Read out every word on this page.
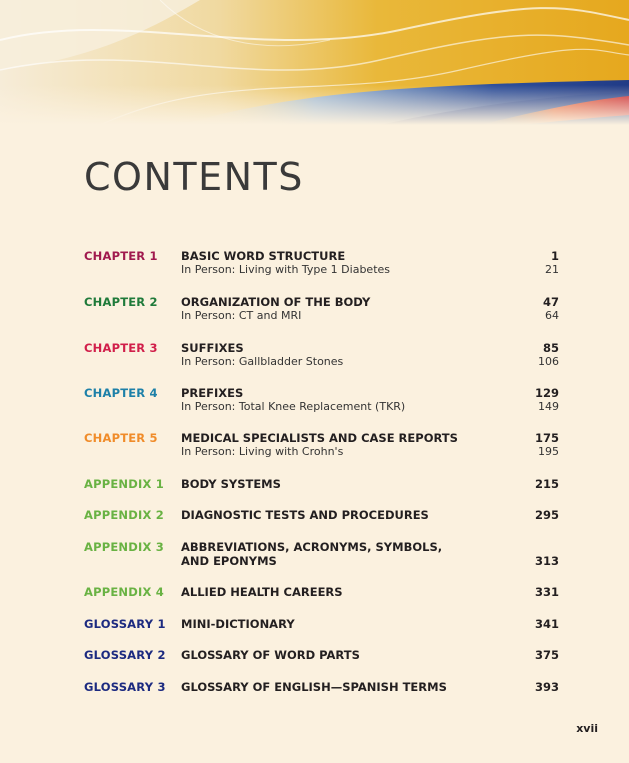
CONTENTS
CHAPTER 1 BASIC WORD STRUCTURE	1
In Person: Living with Type 1 Diabetes	21
CHAPTER 2 ORGANIZATION OF THE BODY	47
In Person: CT and MRI	64
CHAPTER 3 SUFFIXES	85
In Person: Gallbladder Stones	106
CHAPTER 4 PREFIXES	129
In Person: Total Knee Replacement (TKR)	149
CHAPTER 5 MEDICAL SPECIALISTS AND CASE REPORTS	175
In Person: Living with Crohn's	195
APPENDIX 1 BODY SYSTEMS	215
APPENDIX 2 DIAGNOSTIC TESTS AND PROCEDURES	295
APPENDIX 3 ABBREVIATIONS, ACRONYMS, SYMBOLS,
AND EPONYMS	313
APPENDIX 4 ALLIED HEALTH CAREERS	331
GLOSSARY 1 MINI-DICTIONARY	341
GLOSSARY 2 GLOSSARY OF WORD PARTS	375
GLOSSARY 3 GLOSSARY OF ENGLISH—SPANISH TERMS	393
xvii
